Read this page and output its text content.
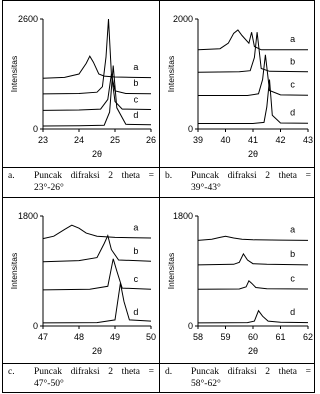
23	24	25	26
0
2600
2θ
Intensitas	a
b
c
d
39 40 41 42 43
0
2000
2θ
Intensitas
a
b
c
d
47	48	49	50
0
1800
2θ
Intensitas
a
b
c
d
58 59 60 61 62
0
1800
2θ
Intensitas
a
b
c
d
a. Puncak difraksi 2 theta = 23°-26°
b. Puncak difraksi 2 theta = 39°-43°
c. Puncak difraksi 2 theta = 47°-50°
d. Puncak difraksi 2 theta = 58°-62°
